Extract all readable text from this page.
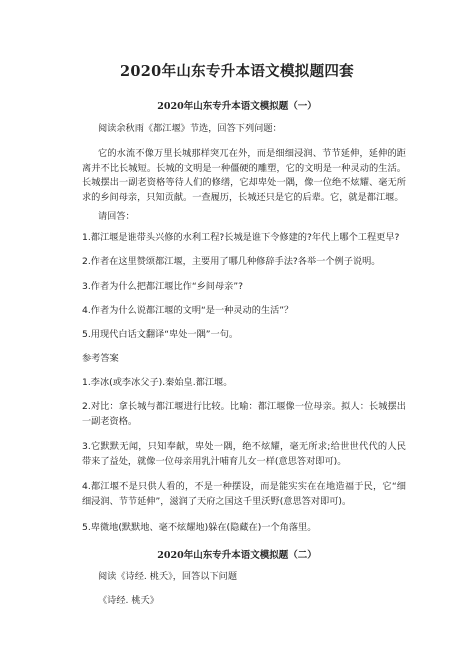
2020年山东专升本语文模拟题四套
2020年山东专升本语文模拟题（一）
阅读余秋雨《都江堰》节选，回答下列问题：
它的水流不像万里长城那样突兀在外，而是细细浸润、节节延伸，延伸的距离并不比长城短。长城的文明是一种僵硬的雕塑，它的文明是一种灵动的生活。长城摆出一副老资格等待人们的修缮，它却卑处一隅，像一位绝不炫耀、毫无所求的乡间母亲，只知贡献。一查履历，长城还只是它的后辈。它，就是都江堰。
请回答：
1.都江堰是谁带头兴修的水利工程?长城是谁下令修建的?年代上哪个工程更早?
2.作者在这里赞颂都江堰，主要用了哪几种修辞手法?各举一个例子说明。
3.作者为什么把都江堰比作“乡间母亲”?
4.作者为什么说都江堰的文明“是一种灵动的生活”？
5.用现代白话文翻译“卑处一隅”一句。
参考答案
1.李冰(或李冰父子).秦始皇.都江堰。
2.对比：拿长城与都江堰进行比较。比喻：都江堰像一位母亲。拟人：长城摆出一副老资格。
3.它默默无闻，只知奉献，卑处一隅，绝不炫耀，毫无所求;给世世代代的人民带来了益处，就像一位母亲用乳汁哺育儿女一样(意思答对即可)。
4.都江堰不是只供人看的，不是一种摆设，而是能实实在在地造福于民，它“细细浸润、节节延伸”，滋润了天府之国这千里沃野(意思答对即可)。
5.卑微地(默默地、毫不炫耀地)躲在(隐藏在)一个角落里。
2020年山东专升本语文模拟题（二）
阅读《诗经. 桃夭》，回答以下问题
《诗经. 桃夭》
